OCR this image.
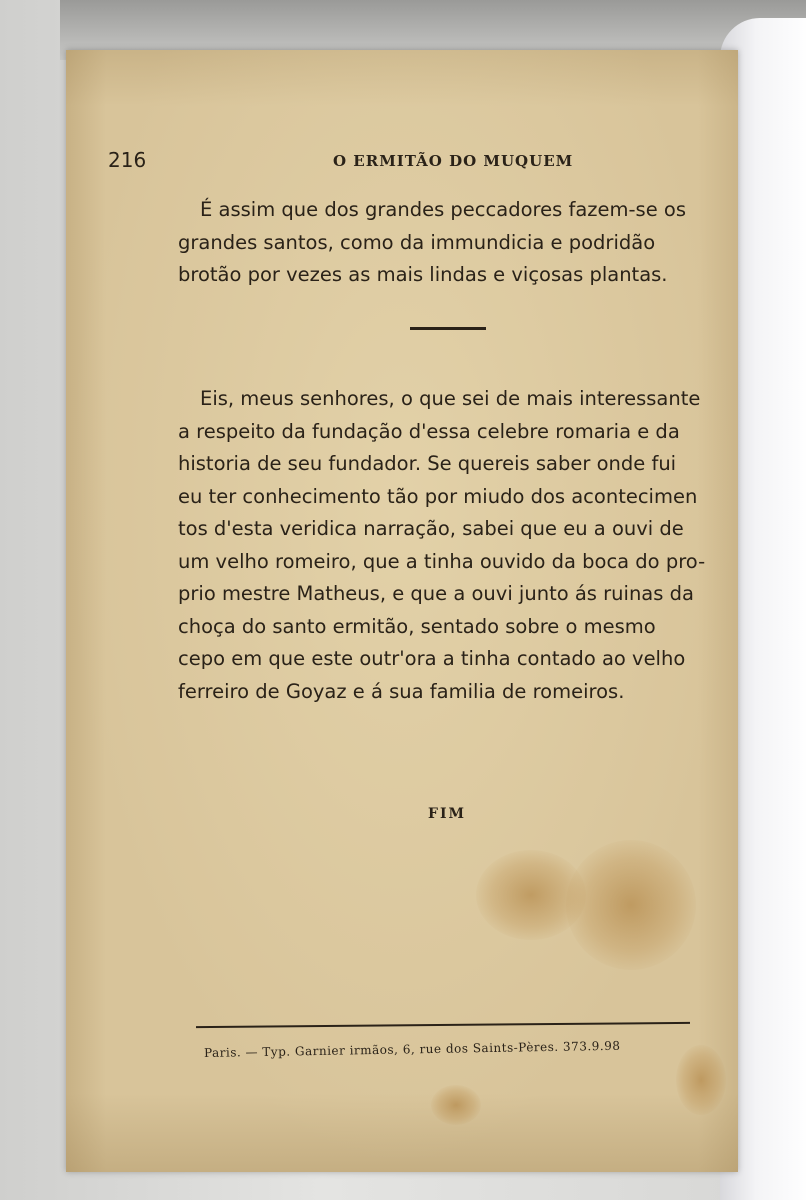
216	O ERMITÃO DO MUQUEM
É assim que dos grandes peccadores fazem-se os
grandes santos, como da immundicia e podridão
brotão por vezes as mais lindas e viçosas plantas.
Eis, meus senhores, o que sei de mais interessante
a respeito da fundação d'essa celebre romaria e da
historia de seu fundador. Se quereis saber onde fui
eu ter conhecimento tão por miudo dos acontecimen
tos d'esta veridica narração, sabei que eu a ouvi de
um velho romeiro, que a tinha ouvido da boca do pro-
prio mestre Matheus, e que a ouvi junto ás ruinas da
choça do santo ermitão, sentado sobre o mesmo
cepo em que este outr'ora a tinha contado ao velho
ferreiro de Goyaz e á sua familia de romeiros.
FIM
Paris. — Typ. Garnier irmãos, 6, rue dos Saints-Pères. 373.9.98
